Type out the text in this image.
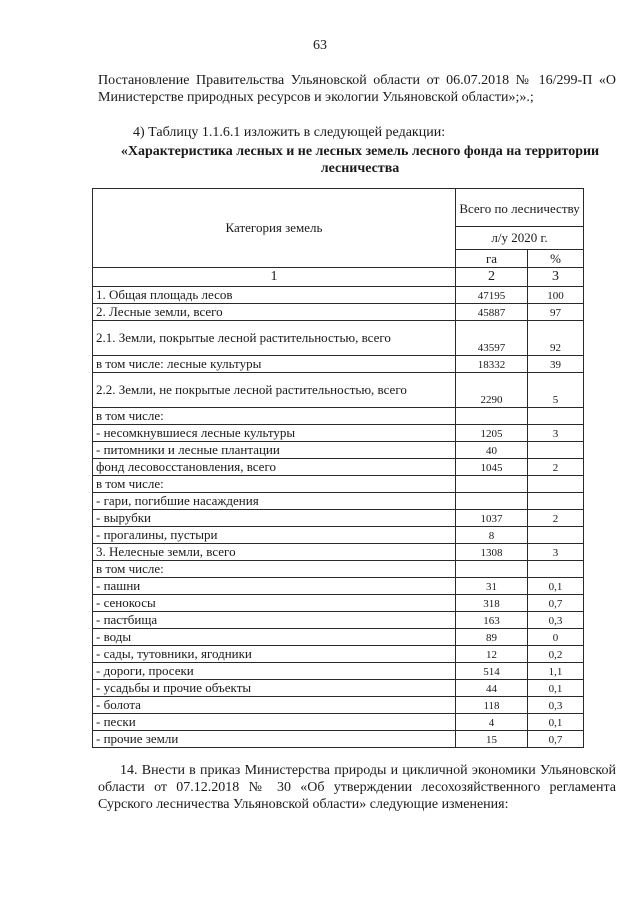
63
Постановление Правительства Ульяновской области от 06.07.2018 № 16/299-П «О Министерстве природных ресурсов и экологии Ульяновской области»;».;
4) Таблицу 1.1.6.1 изложить в следующей редакции:
«Характеристика лесных и не лесных земель лесного фонда на территории лесничества
Категория земель	Всего по лесничеству	
	л/у 2020 г.	
	га	%
1	2	3
1. Общая площадь лесов	47195	100
2. Лесные земли, всего	45887	97
2.1. Земли, покрытые лесной растительностью, всего	43597	92
в том числе: лесные культуры	18332	39
2.2. Земли, не покрытые лесной растительностью, всего	2290	5
в том числе:		
- несомкнувшиеся лесные культуры	1205	3
- питомники и лесные плантации	40	
фонд лесовосстановления, всего	1045	2
в том числе:		
- гари, погибшие насаждения		
- вырубки	1037	2
- прогалины, пустыри	8	
3. Нелесные земли, всего	1308	3
в том числе:		
- пашни	31	0,1
- сенокосы	318	0,7
- пастбища	163	0,3
- воды	89	0
- сады, тутовники, ягодники	12	0,2
- дороги, просеки	514	1,1
- усадьбы и прочие объекты	44	0,1
- болота	118	0,3
- пески	4	0,1
- прочие земли	15	0,7
14. Внести в приказ Министерства природы и цикличной экономики Ульяновской области от 07.12.2018 № 30 «Об утверждении лесохозяйственного регламента Сурского лесничества Ульяновской области» следующие изменения:
